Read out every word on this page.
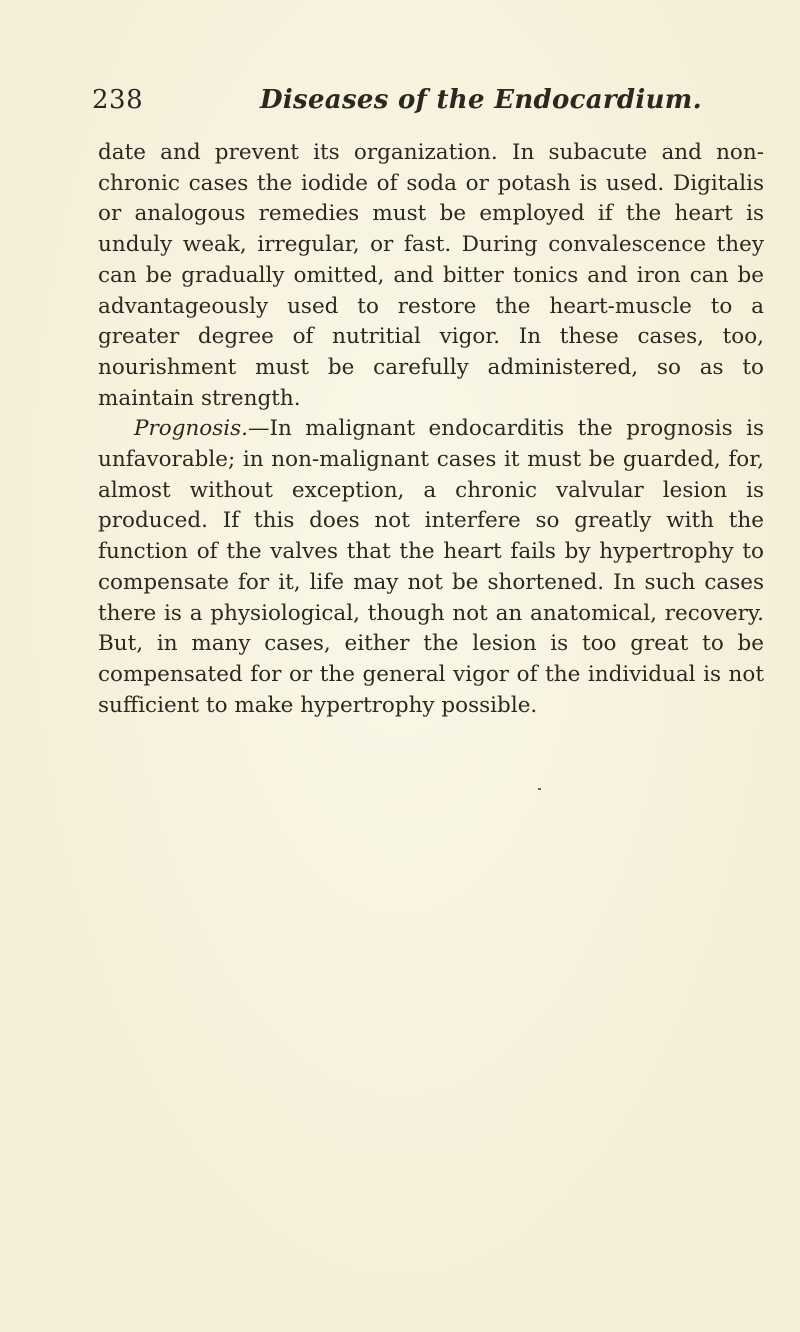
238	Diseases of the Endocardium.

date and prevent its organization. In subacute and non-chronic cases the iodide of soda or potash is used. Digitalis or analogous remedies must be employed if the heart is unduly weak, irregular, or fast. During convalescence they can be gradually omitted, and bitter tonics and iron can be advantageously used to restore the heart-muscle to a greater degree of nutritial vigor. In these cases, too, nourishment must be carefully administered, so as to maintain strength.

Prognosis.—In malignant endocarditis the prognosis is unfavorable; in non-malignant cases it must be guarded, for, almost without exception, a chronic valvular lesion is produced. If this does not interfere so greatly with the function of the valves that the heart fails by hypertrophy to compensate for it, life may not be shortened. In such cases there is a physiological, though not an anatomical, recovery. But, in many cases, either the lesion is too great to be compensated for or the general vigor of the individual is not sufficient to make hypertrophy possible.
